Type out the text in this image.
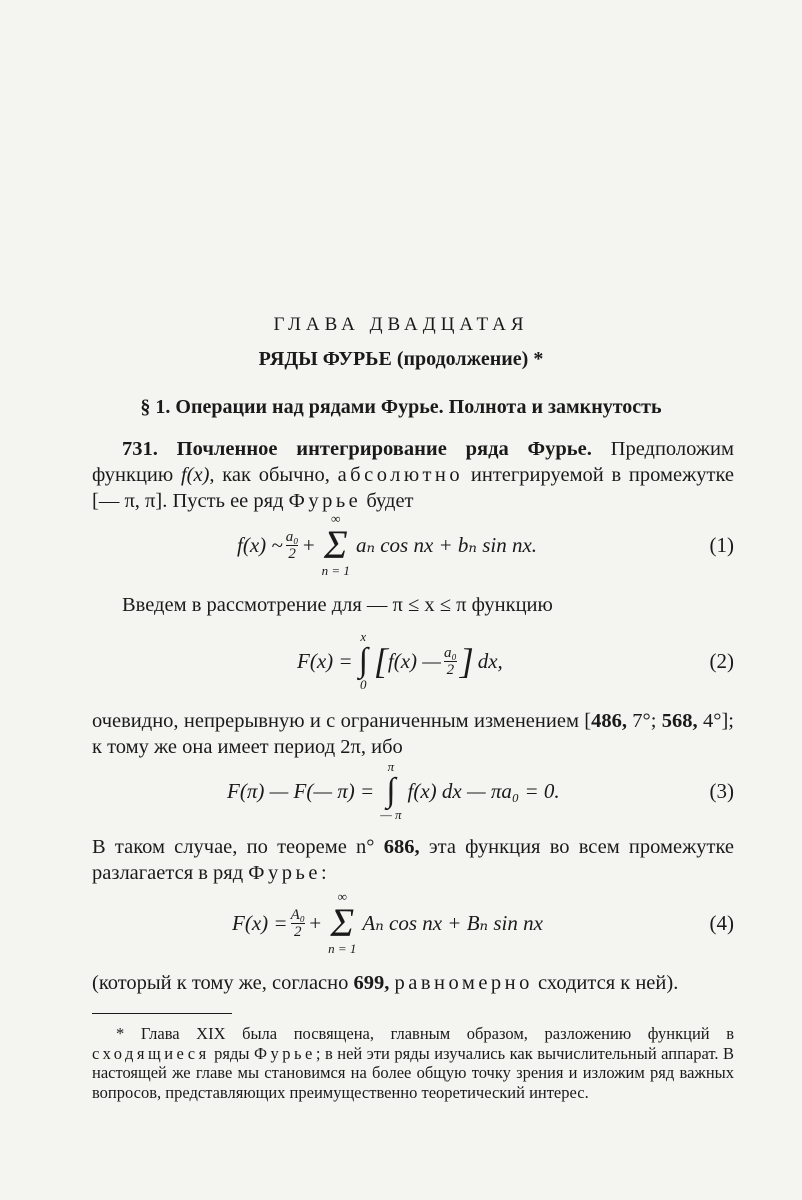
ГЛАВА ДВАДЦАТАЯ

РЯДЫ ФУРЬЕ (продолжение) *

§ 1. Операции над рядами Фурье. Полнота и замкнутость

731. Почленное интегрирование ряда Фурье. Предположим функцию f(x), как обычно, абсолютно интегрируемой в промежутке [— π, π]. Пусть ее ряд Фурье будет

f(x) ~ $\frac{\text{a₀}}{2}$ +
∞
Σ
n = 1
aₙ cos nx + bₙ sin nx.	(1)

Введем в рассмотрение для — π ≤ x ≤ π функцию

F(x) =
x
∫
0
[ f(x) — $\frac{\text{a₀}}{2}$ ] dx,	(2)

очевидно, непрерывную и с ограниченным изменением [486, 7°; 568, 4°]; к тому же она имеет период 2π, ибо

F(π) — F(— π) =
π
∫
— π
f(x) dx — πa₀ = 0.	(3)

В таком случае, по теореме n° 686, эта функция во всем промежутке разлагается в ряд Фурье:

$F(x) = \frac{\text{A₀}}{2}$ +
∞
Σ
n = 1
Aₙ cos nx + Bₙ sin nx	(4)

(который к тому же, согласно 699, равномерно сходится к ней).

* Глава XIX была посвящена, главным образом, разложению функций в сходящиеся ряды Фурье; в ней эти ряды изучались как вычислительный аппарат. В настоящей же главе мы становимся на более общую точку зрения и изложим ряд важных вопросов, представляющих преимущественно теоретический интерес.
